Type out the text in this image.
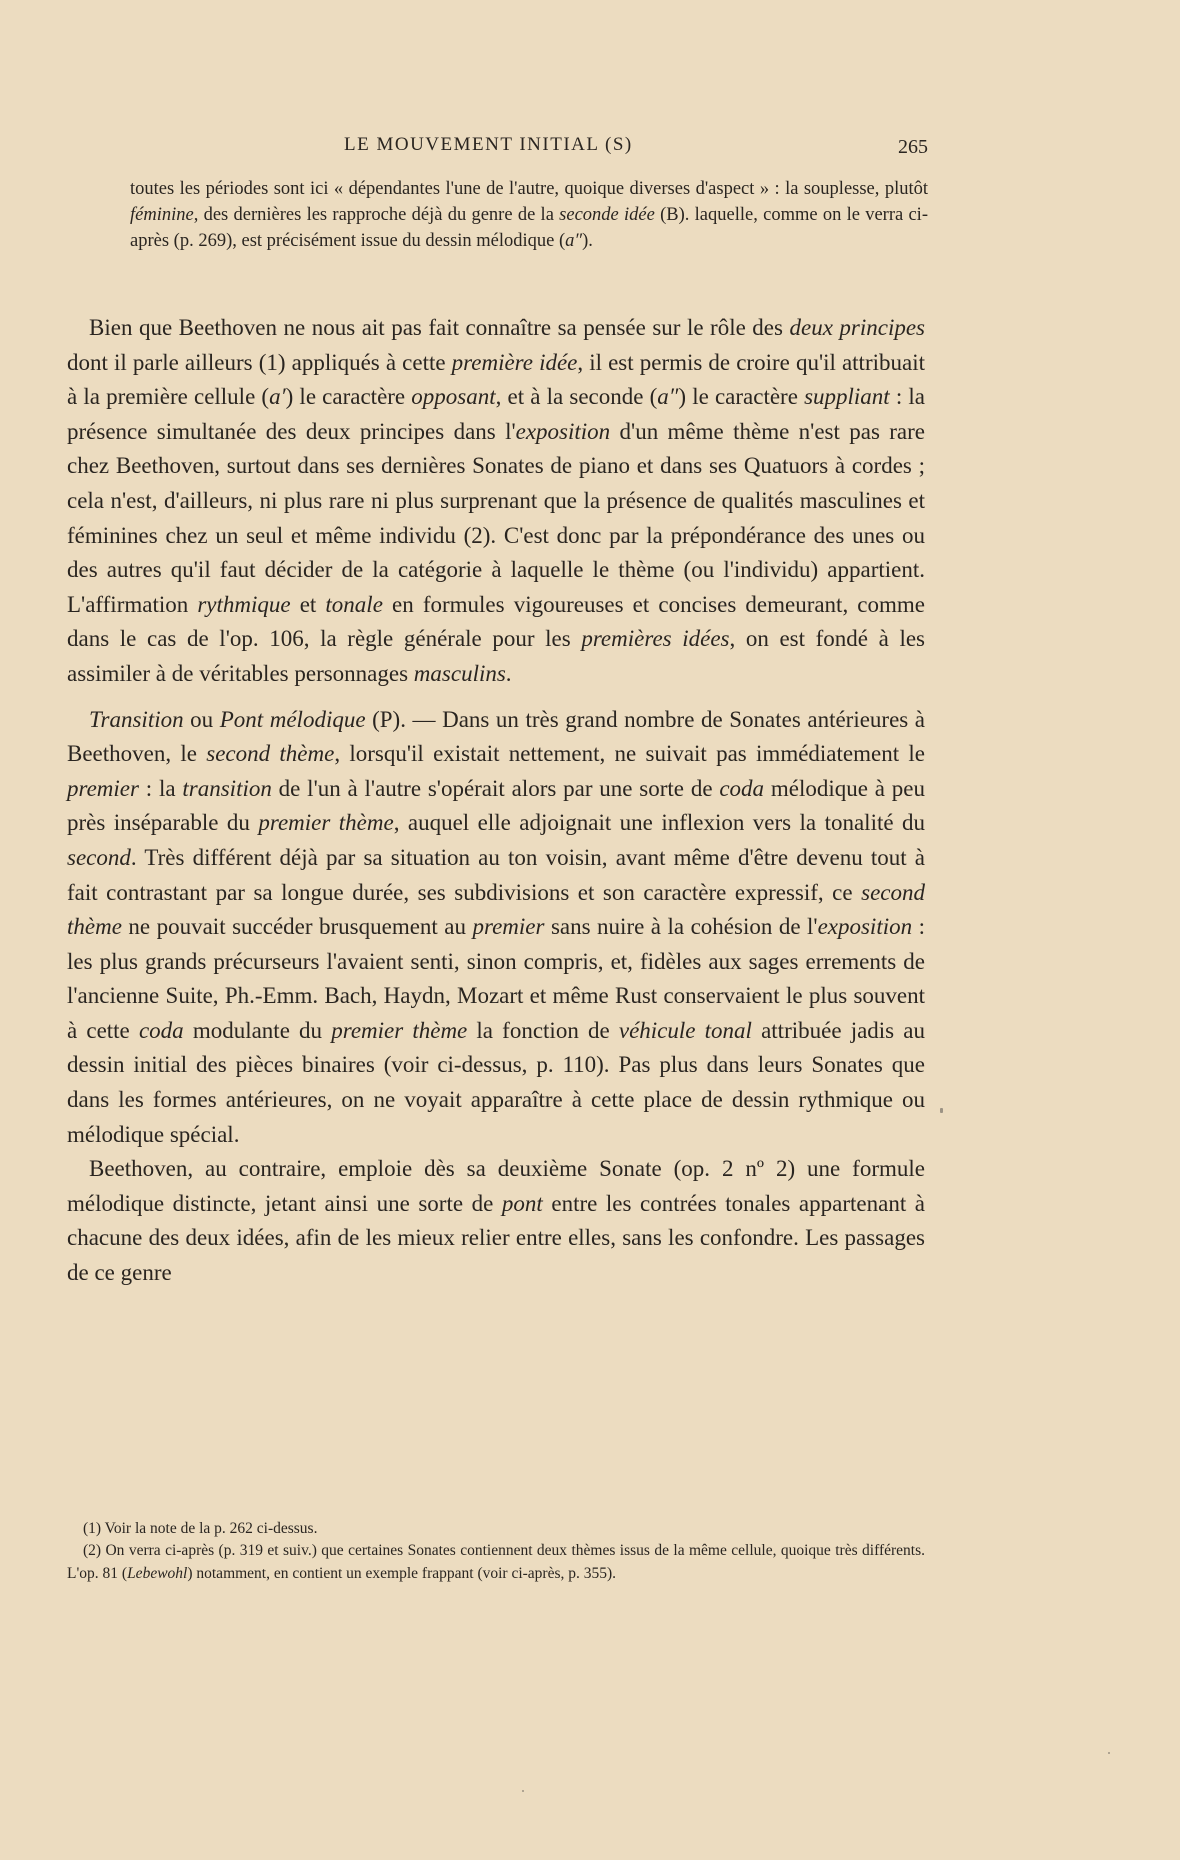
LE MOUVEMENT INITIAL (S)	265

toutes les périodes sont ici « dépendantes l'une de l'autre, quoique diverses d'aspect » : la souplesse, plutôt féminine, des dernières les rapproche déjà du genre de la seconde idée (B). laquelle, comme on le verra ci-après (p. 269), est précisément issue du dessin mélodique (a″).

Bien que Beethoven ne nous ait pas fait connaître sa pensée sur le rôle des deux principes dont il parle ailleurs (1) appliqués à cette première idée, il est permis de croire qu'il attribuait à la première cellule (a′) le caractère opposant, et à la seconde (a″) le caractère suppliant : la présence simultanée des deux principes dans l'exposition d'un même thème n'est pas rare chez Beethoven, surtout dans ses dernières Sonates de piano et dans ses Quatuors à cordes ; cela n'est, d'ailleurs, ni plus rare ni plus surprenant que la présence de qualités masculines et féminines chez un seul et même individu (2). C'est donc par la prépondérance des unes ou des autres qu'il faut décider de la catégorie à laquelle le thème (ou l'individu) appartient. L'affirmation rythmique et tonale en formules vigoureuses et concises demeurant, comme dans le cas de l'op. 106, la règle générale pour les premières idées, on est fondé à les assimiler à de véritables personnages masculins.

Transition ou Pont mélodique (P). — Dans un très grand nombre de Sonates antérieures à Beethoven, le second thème, lorsqu'il existait nettement, ne suivait pas immédiatement le premier : la transition de l'un à l'autre s'opérait alors par une sorte de coda mélodique à peu près inséparable du premier thème, auquel elle adjoignait une inflexion vers la tonalité du second. Très différent déjà par sa situation au ton voisin, avant même d'être devenu tout à fait contrastant par sa longue durée, ses subdivisions et son caractère expressif, ce second thème ne pouvait succéder brusquement au premier sans nuire à la cohésion de l'exposition : les plus grands précurseurs l'avaient senti, sinon compris, et, fidèles aux sages errements de l'ancienne Suite, Ph.-Emm. Bach, Haydn, Mozart et même Rust conservaient le plus souvent à cette coda modulante du premier thème la fonction de véhicule tonal attribuée jadis au dessin initial des pièces binaires (voir ci-dessus, p. 110). Pas plus dans leurs Sonates que dans les formes antérieures, on ne voyait apparaître à cette place de dessin rythmique ou mélodique spécial.

Beethoven, au contraire, emploie dès sa deuxième Sonate (op. 2 nº 2) une formule mélodique distincte, jetant ainsi une sorte de pont entre les contrées tonales appartenant à chacune des deux idées, afin de les mieux relier entre elles, sans les confondre. Les passages de ce genre

(1) Voir la note de la p. 262 ci-dessus.

(2) On verra ci-après (p. 319 et suiv.) que certaines Sonates contiennent deux thèmes issus de la même cellule, quoique très différents. L'op. 81 (Lebewohl) notamment, en contient un exemple frappant (voir ci-après, p. 355).
